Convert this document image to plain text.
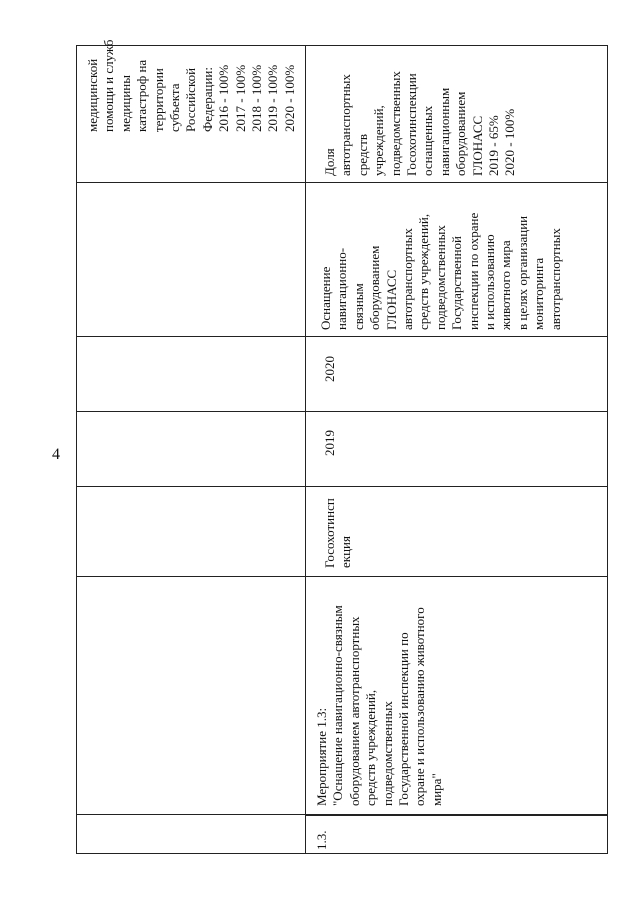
4
медицинской помощи и служб медицины катастроф на территории субъекта Российской Федерации: 2016 - 100% 2017 - 100% 2018 - 100% 2019 - 100% 2020 - 100%
1.3.
Мероприятие 1.3: "Оснащение навигационно-связным оборудованием автотранспортных средств учреждений, подведомственных Государственной инспекции по охране и использованию животного мира"
Госохотинсп екция
2019
2020
Оснащение навигационно- связным оборудованием ГЛОНАСС автотранспортных средств учреждений, подведомственных Государственной инспекции по охране и использованию животного мира в целях организации мониторинга автотранспортных
Доля автотранспортных средств учреждений, подведомственных Госохотинспекции оснащенных навигационным оборудованием ГЛОНАСС 2019 - 65% 2020 - 100%
